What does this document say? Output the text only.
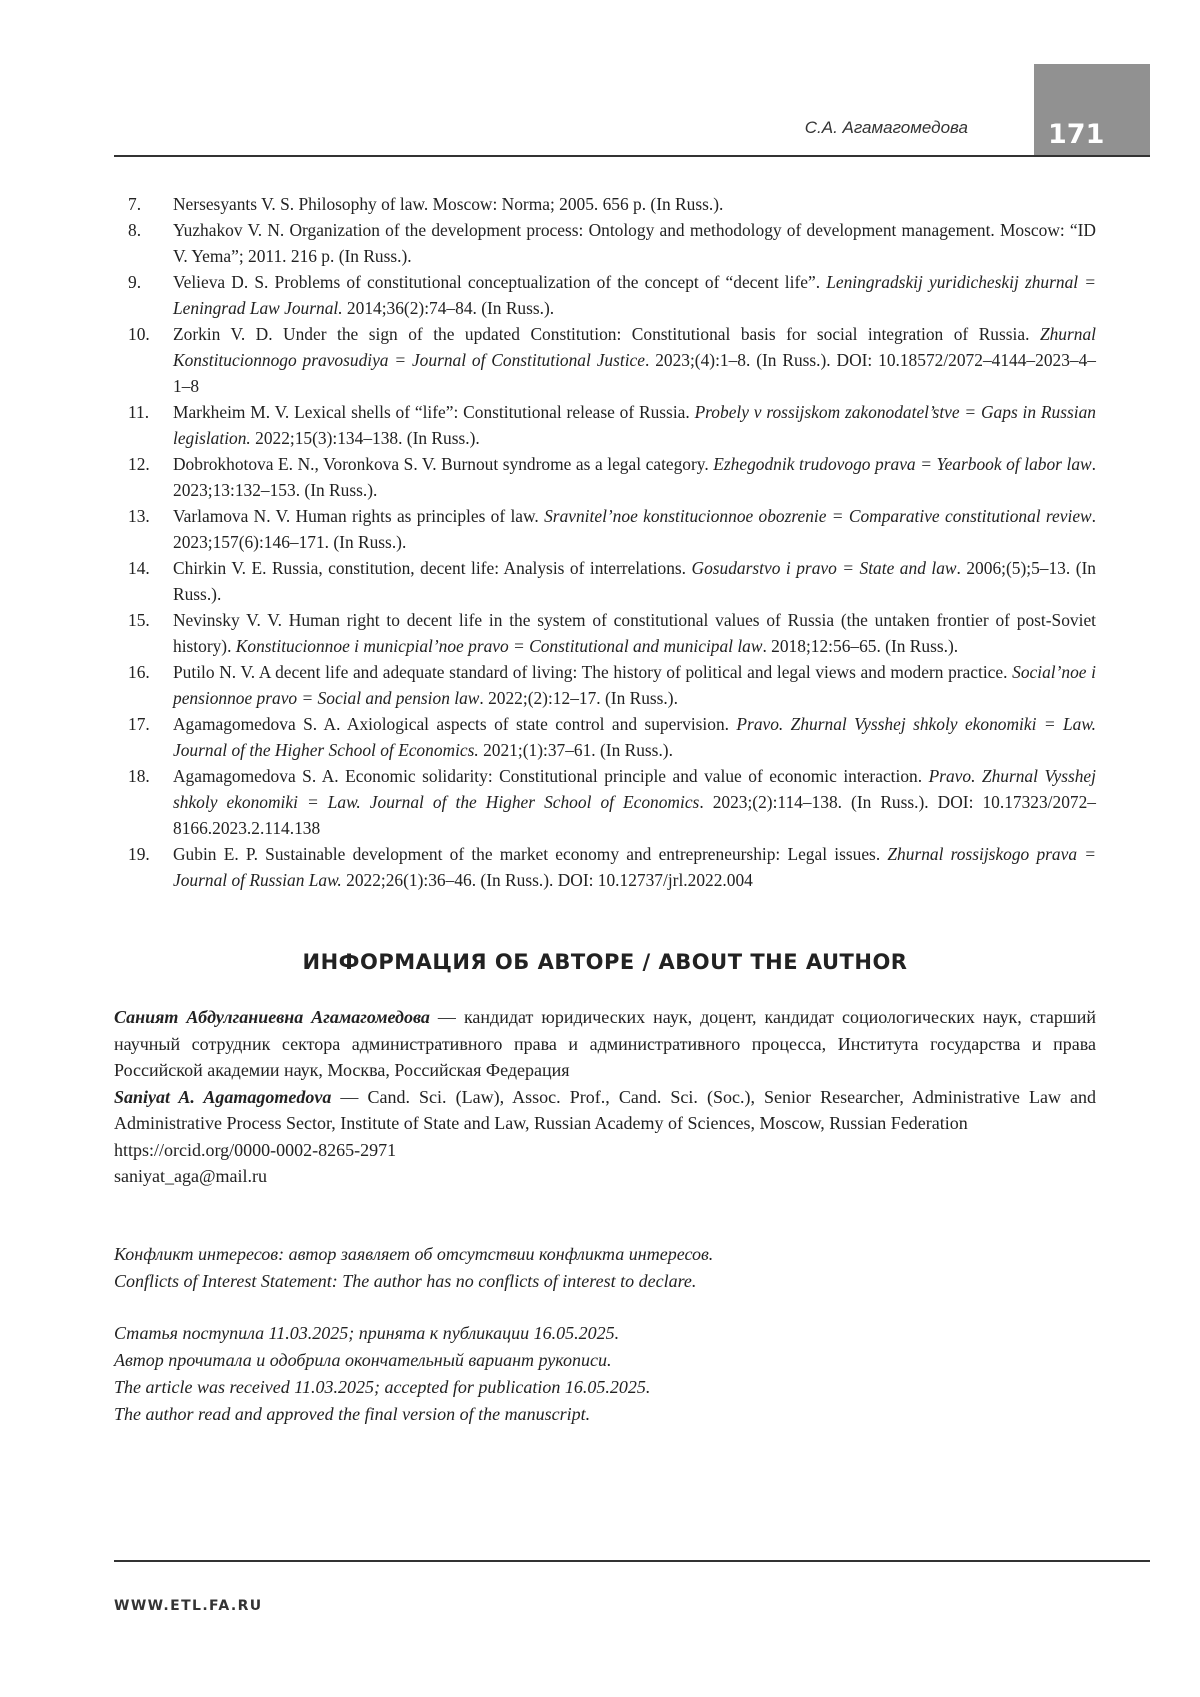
С.А. Агамагомедова	171
7. Nersesyants V. S. Philosophy of law. Moscow: Norma; 2005. 656 p. (In Russ.).
8. Yuzhakov V. N. Organization of the development process: Ontology and methodology of development management. Moscow: “ID V. Yema”; 2011. 216 p. (In Russ.).
9. Velieva D. S. Problems of constitutional conceptualization of the concept of “decent life”. Leningradskij yuridicheskij zhurnal = Leningrad Law Journal. 2014;36(2):74–84. (In Russ.).
10. Zorkin V. D. Under the sign of the updated Constitution: Constitutional basis for social integration of Russia. Zhurnal Konstitucionnogo pravosudiya = Journal of Constitutional Justice. 2023;(4):1–8. (In Russ.). DOI: 10.18572/2072–4144–2023–4–1–8
11. Markheim M. V. Lexical shells of “life”: Constitutional release of Russia. Probely v rossijskom zakonodatel’stve = Gaps in Russian legislation. 2022;15(3):134–138. (In Russ.).
12. Dobrokhotova E. N., Voronkova S. V. Burnout syndrome as a legal category. Ezhegodnik trudovogo prava = Yearbook of labor law. 2023;13:132–153. (In Russ.).
13. Varlamova N. V. Human rights as principles of law. Sravnitel’noe konstitucionnoe obozrenie = Comparative constitutional review. 2023;157(6):146–171. (In Russ.).
14. Chirkin V. E. Russia, constitution, decent life: Analysis of interrelations. Gosudarstvo i pravo = State and law. 2006;(5);5–13. (In Russ.).
15. Nevinsky V. V. Human right to decent life in the system of constitutional values of Russia (the untaken frontier of post-Soviet history). Konstitucionnoe i municpial’noe pravo = Constitutional and municipal law. 2018;12:56–65. (In Russ.).
16. Putilo N. V. A decent life and adequate standard of living: The history of political and legal views and modern practice. Social’noe i pensionnoe pravo = Social and pension law. 2022;(2):12–17. (In Russ.).
17. Agamagomedova S. A. Axiological aspects of state control and supervision. Pravo. Zhurnal Vysshej shkoly ekonomiki = Law. Journal of the Higher School of Economics. 2021;(1):37–61. (In Russ.).
18. Agamagomedova S. A. Economic solidarity: Constitutional principle and value of economic interaction. Pravo. Zhurnal Vysshej shkoly ekonomiki = Law. Journal of the Higher School of Economics. 2023;(2):114–138. (In Russ.). DOI: 10.17323/2072–8166.2023.2.114.138
19. Gubin E. P. Sustainable development of the market economy and entrepreneurship: Legal issues. Zhurnal rossijskogo prava = Journal of Russian Law. 2022;26(1):36–46. (In Russ.). DOI: 10.12737/jrl.2022.004
ИНФОРМАЦИЯ ОБ АВТОРЕ / ABOUT THE AUTHOR

Саният Абдулганиевна Агамагомедова — кандидат юридических наук, доцент, кандидат социологических наук, старший научный сотрудник сектора административного права и административного процесса, Института государства и права Российской академии наук, Москва, Российская Федерация

Saniyat A. Agamagomedova — Cand. Sci. (Law), Assoc. Prof., Cand. Sci. (Soc.), Senior Researcher, Administrative Law and Administrative Process Sector, Institute of State and Law, Russian Academy of Sciences, Moscow, Russian Federation

https://orcid.org/0000-0002-8265-2971

saniyat_aga@mail.ru

Конфликт интересов: автор заявляет об отсутствии конфликта интересов.

Conflicts of Interest Statement: The author has no conflicts of interest to declare.

Статья поступила 11.03.2025; принята к публикации 16.05.2025.

Автор прочитала и одобрила окончательный вариант рукописи.

The article was received 11.03.2025; accepted for publication 16.05.2025.

The author read and approved the final version of the manuscript.

WWW.ETL.FA.RU
